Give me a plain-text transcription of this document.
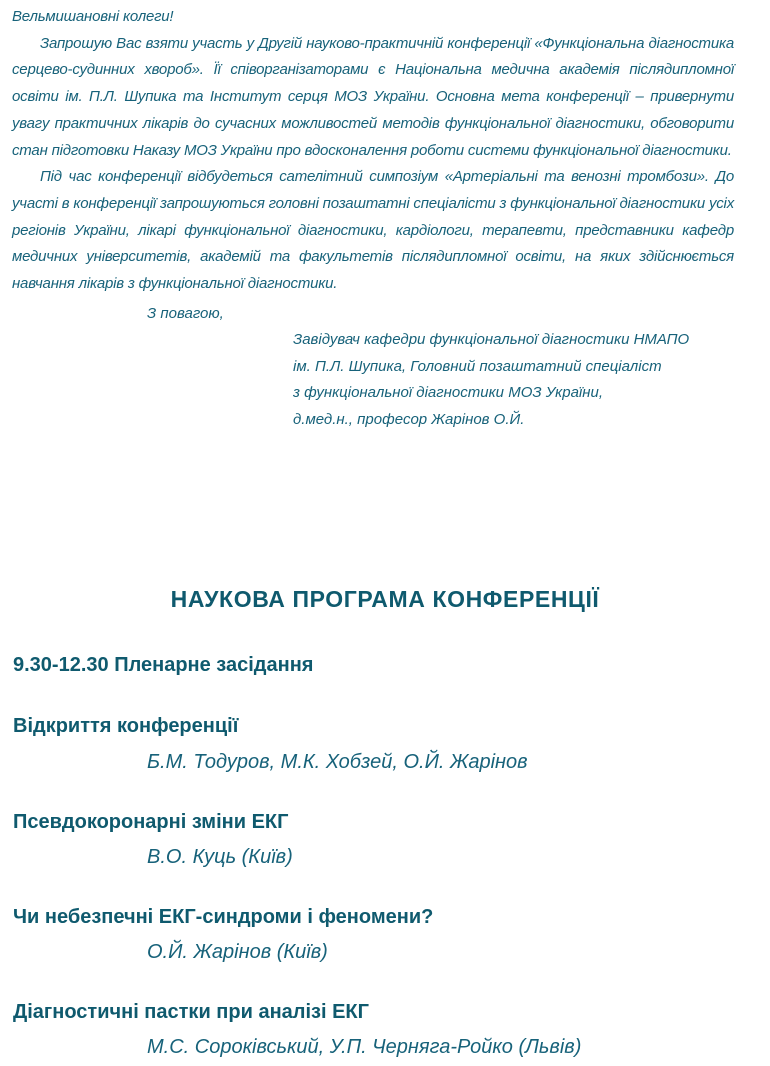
Вельмишановні колеги!

Запрошую Вас взяти участь у Другій науково-практичній конференції «Функціональна діагностика серцево-судинних хвороб». Її співорганізаторами є Національна медична академія післядипломної освіти ім. П.Л. Шупика та Інститут серця МОЗ України. Основна мета конференції – привернути увагу практичних лікарів до сучасних можливостей методів функціональної діагностики, обговорити стан підготовки Наказу МОЗ України про вдосконалення роботи системи функціональної діагностики.

Під час конференції відбудеться сателітний симпозіум «Артеріальні та венозні тромбози». До участі в конференції запрошуються головні позаштатні спеціалісти з функціональної діагностики усіх регіонів України, лікарі функціональної діагностики, кардіологи, терапевти, представники кафедр медичних університетів, академій та факультетів післядипломної освіти, на яких здійснюється навчання лікарів з функціональної діагностики.

З повагою,
Завідувач кафедри функціональної діагностики НМАПО
ім. П.Л. Шупика, Головний позаштатний спеціаліст
з функціональної діагностики МОЗ України,
д.мед.н., професор Жарінов О.Й.
НАУКОВА ПРОГРАМА КОНФЕРЕНЦІЇ
9.30-12.30 Пленарне засідання
Відкриття конференції
Б.М. Тодуров, М.К. Хобзей, О.Й. Жарінов
Псевдокоронарні зміни ЕКГ
В.О. Куць (Київ)
Чи небезпечні ЕКГ-синдроми і феномени?
О.Й. Жарінов (Київ)
Діагностичні пастки при аналізі ЕКГ
М.С. Сороківський, У.П. Черняга-Ройко (Львів)
